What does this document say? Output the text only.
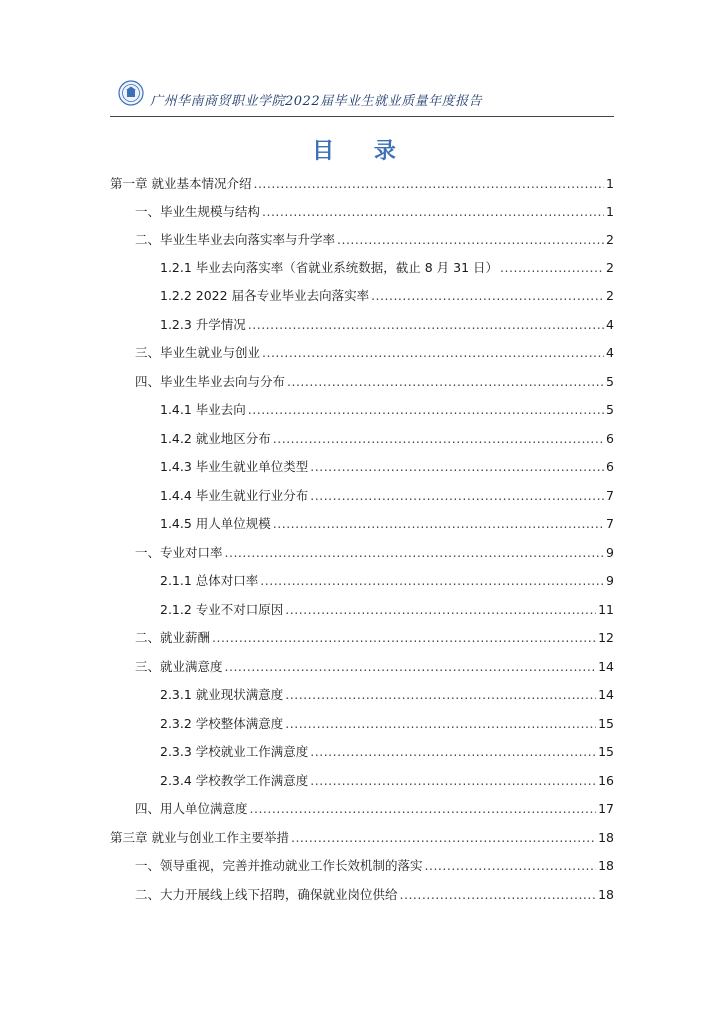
广州华南商贸职业学院2022届毕业生就业质量年度报告
目 录
第一章 就业基本情况介绍 .....	1
一、毕业生规模与结构 .....	1
二、毕业生毕业去向落实率与升学率 .....	2
1.2.1 毕业去向落实率（省就业系统数据，截止 8 月 31 日） .....	2
1.2.2 2022 届各专业毕业去向落实率 .....	2
1.2.3 升学情况 .....	4
三、毕业生就业与创业 .....	4
四、毕业生毕业去向与分布 .....	5
1.4.1 毕业去向 .....	5
1.4.2 就业地区分布 .....	6
1.4.3 毕业生就业单位类型 .....	6
1.4.4 毕业生就业行业分布 .....	7
1.4.5 用人单位规模 .....	7
一、专业对口率 .....	9
2.1.1 总体对口率 .....	9
2.1.2 专业不对口原因 .....	11
二、就业薪酬 .....	12
三、就业满意度 .....	14
2.3.1 就业现状满意度 .....	14
2.3.2 学校整体满意度 .....	15
2.3.3 学校就业工作满意度 .....	15
2.3.4 学校教学工作满意度 .....	16
四、用人单位满意度 .....	17
第三章 就业与创业工作主要举措 .....	18
一、领导重视，完善并推动就业工作长效机制的落实 .....	18
二、大力开展线上线下招聘，确保就业岗位供给 .....	18
